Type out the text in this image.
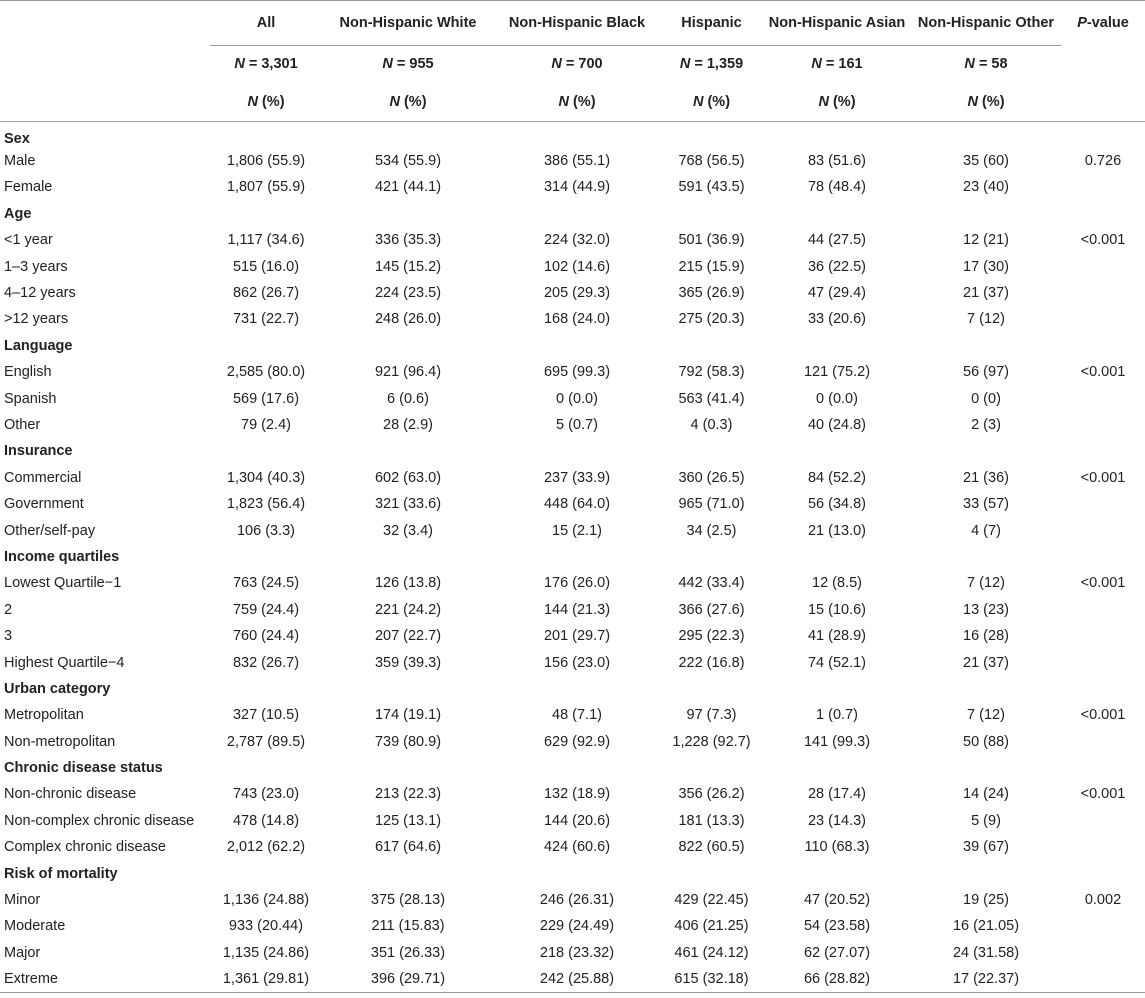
	All	Non-Hispanic White	Non-Hispanic Black	Hispanic	Non-Hispanic Asian	Non-Hispanic Other	P-value
	N = 3,301	N = 955	N = 700	N = 1,359	N = 161	N = 58	
	N (%)	N (%)	N (%)	N (%)	N (%)	N (%)	
Sex							
Male	1,806 (55.9)	534 (55.9)	386 (55.1)	768 (56.5)	83 (51.6)	35 (60)	0.726
Female	1,807 (55.9)	421 (44.1)	314 (44.9)	591 (43.5)	78 (48.4)	23 (40)	
Age							
<1 year	1,117 (34.6)	336 (35.3)	224 (32.0)	501 (36.9)	44 (27.5)	12 (21)	<0.001
1–3 years	515 (16.0)	145 (15.2)	102 (14.6)	215 (15.9)	36 (22.5)	17 (30)	
4–12 years	862 (26.7)	224 (23.5)	205 (29.3)	365 (26.9)	47 (29.4)	21 (37)	
>12 years	731 (22.7)	248 (26.0)	168 (24.0)	275 (20.3)	33 (20.6)	7 (12)	
Language							
English	2,585 (80.0)	921 (96.4)	695 (99.3)	792 (58.3)	121 (75.2)	56 (97)	<0.001
Spanish	569 (17.6)	6 (0.6)	0 (0.0)	563 (41.4)	0 (0.0)	0 (0)	
Other	79 (2.4)	28 (2.9)	5 (0.7)	4 (0.3)	40 (24.8)	2 (3)	
Insurance							
Commercial	1,304 (40.3)	602 (63.0)	237 (33.9)	360 (26.5)	84 (52.2)	21 (36)	<0.001
Government	1,823 (56.4)	321 (33.6)	448 (64.0)	965 (71.0)	56 (34.8)	33 (57)	
Other/self-pay	106 (3.3)	32 (3.4)	15 (2.1)	34 (2.5)	21 (13.0)	4 (7)	
Income quartiles							
Lowest Quartile−1	763 (24.5)	126 (13.8)	176 (26.0)	442 (33.4)	12 (8.5)	7 (12)	<0.001
2	759 (24.4)	221 (24.2)	144 (21.3)	366 (27.6)	15 (10.6)	13 (23)	
3	760 (24.4)	207 (22.7)	201 (29.7)	295 (22.3)	41 (28.9)	16 (28)	
Highest Quartile−4	832 (26.7)	359 (39.3)	156 (23.0)	222 (16.8)	74 (52.1)	21 (37)	
Urban category							
Metropolitan	327 (10.5)	174 (19.1)	48 (7.1)	97 (7.3)	1 (0.7)	7 (12)	<0.001
Non-metropolitan	2,787 (89.5)	739 (80.9)	629 (92.9)	1,228 (92.7)	141 (99.3)	50 (88)	
Chronic disease status							
Non-chronic disease	743 (23.0)	213 (22.3)	132 (18.9)	356 (26.2)	28 (17.4)	14 (24)	<0.001
Non-complex chronic disease	478 (14.8)	125 (13.1)	144 (20.6)	181 (13.3)	23 (14.3)	5 (9)	
Complex chronic disease	2,012 (62.2)	617 (64.6)	424 (60.6)	822 (60.5)	110 (68.3)	39 (67)	
Risk of mortality							
Minor	1,136 (24.88)	375 (28.13)	246 (26.31)	429 (22.45)	47 (20.52)	19 (25)	0.002
Moderate	933 (20.44)	211 (15.83)	229 (24.49)	406 (21.25)	54 (23.58)	16 (21.05)	
Major	1,135 (24.86)	351 (26.33)	218 (23.32)	461 (24.12)	62 (27.07)	24 (31.58)	
Extreme	1,361 (29.81)	396 (29.71)	242 (25.88)	615 (32.18)	66 (28.82)	17 (22.37)	
